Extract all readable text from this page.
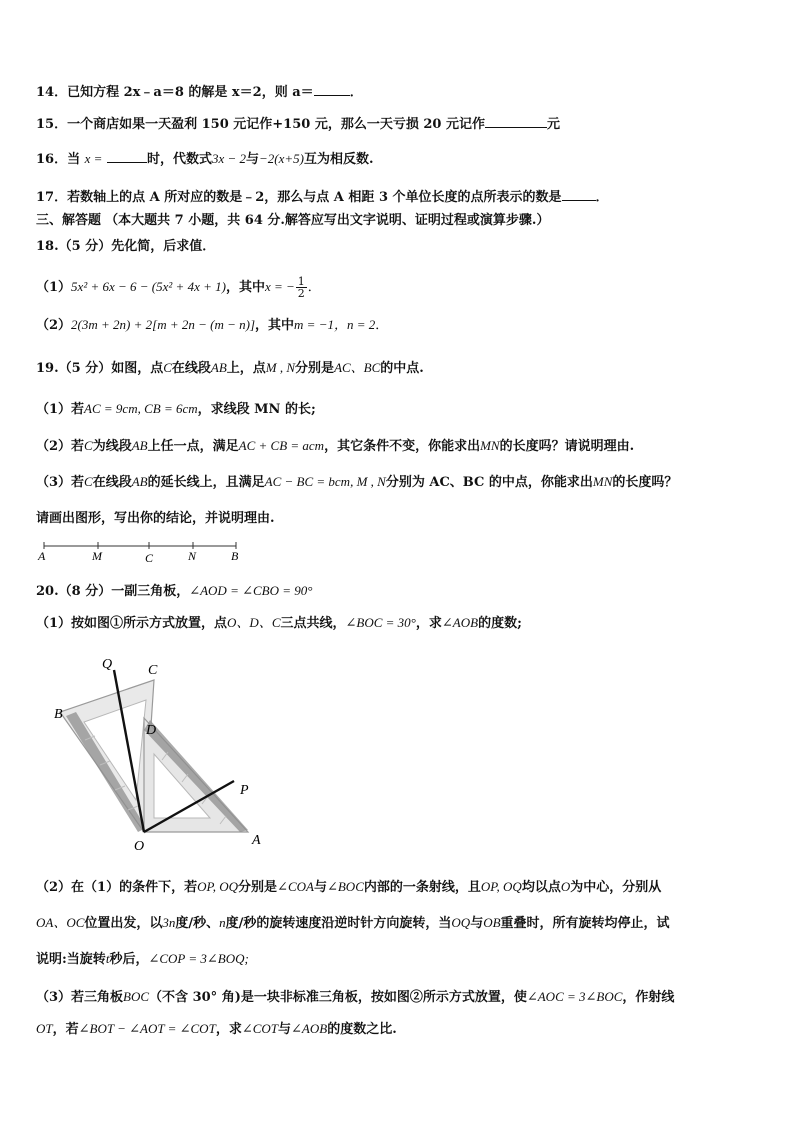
14．已知方程 2x﹣a＝8 的解是 x＝2，则 a＝	．
15．一个商店如果一天盈利 150 元记作+150 元，那么一天亏损 20 元记作	元
16．当 x =	时，代数式3x − 2与−2(x+5)互为相反数.
17．若数轴上的点 A 所对应的数是﹣2，那么与点 A 相距 3 个单位长度的点所表示的数是	．
三、解答题 （本大题共 7 小题，共 64 分.解答应写出文字说明、证明过程或演算步骤.）
18.（5 分）先化简，后求值．
（1）5x² + 6x − 6 − (5x² + 4x + 1)，其中x = − $\frac{1}{2}$ ．
（2）2(3m + 2n) + 2[m + 2n − (m − n)]，其中m = −1，n = 2．
19.（5 分）如图，点C在线段AB上，点M , N分别是AC、BC的中点.
（1）若AC = 9cm, CB = 6cm，求线段 MN 的长;
（2）若C为线段AB上任一点，满足AC + CB = acm，其它条件不变，你能求出MN的长度吗？请说明理由.
（3）若C在线段AB的延长线上，且满足AC − BC = bcm, M , N分别为 AC、BC 的中点，你能求出MN的长度吗？
请画出图形，写出你的结论，并说明理由.
A	M	C	N	B
20.（8 分）一副三角板，∠AOD = ∠CBO = 90°
（1）按如图①所示方式放置，点O、D、C三点共线，∠BOC = 30°，求∠AOB的度数;
Q	C
B
D
P
O	A
（2）在（1）的条件下，若OP, OQ分别是∠COA与∠BOC内部的一条射线，且OP, OQ均以点O为中心，分别从
OA、OC位置出发，以3n度/秒、n度/秒的旋转速度沿逆时针方向旋转，当OQ与OB重叠时，所有旋转均停止，试
说明:当旋转t秒后，∠COP = 3∠BOQ;
（3）若三角板BOC（不含 30° 角)是一块非标准三角板，按如图②所示方式放置，使∠AOC = 3∠BOC，作射线
OT，若∠BOT − ∠AOT = ∠COT，求∠COT与∠AOB的度数之比.
